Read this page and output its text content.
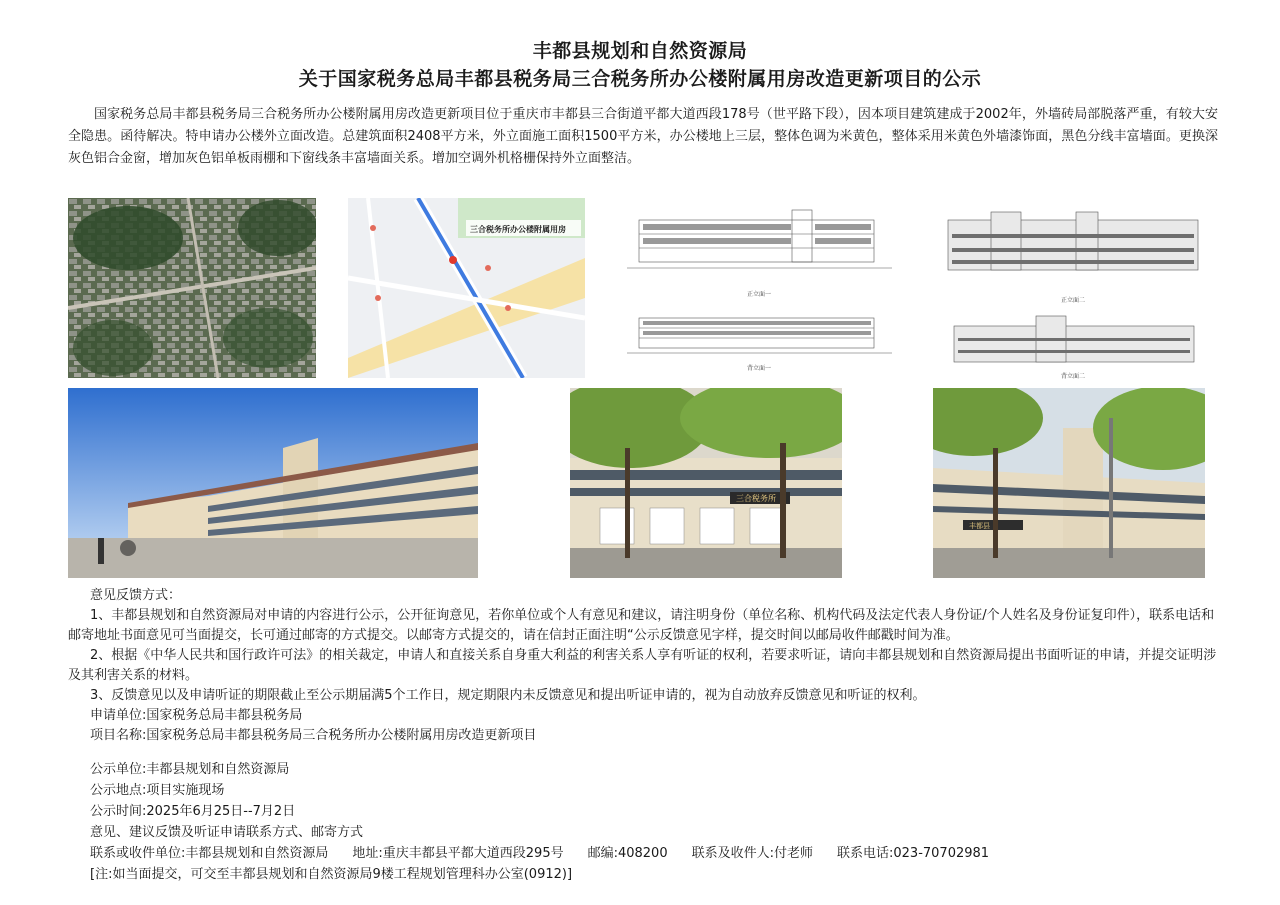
丰都县规划和自然资源局
关于国家税务总局丰都县税务局三合税务所办公楼附属用房改造更新项目的公示
国家税务总局丰都县税务局三合税务所办公楼附属用房改造更新项目位于重庆市丰都县三合街道平都大道西段178号（世平路下段），因本项目建筑建成于2002年，外墙砖局部脱落严重，有较大安全隐患。函待解决。特申请办公楼外立面改造。总建筑面积2408平方米，外立面施工面积1500平方米，办公楼地上三层，整体色调为米黄色，整体采用米黄色外墙漆饰面，黑色分线丰富墙面。更换深灰色铝合金窗，增加灰色铝单板雨棚和下窗线条丰富墙面关系。增加空调外机格栅保持外立面整洁。
三合税务所办公楼附属用房
正立面一
背立面一
正立面二
背立面二
三合税务所
丰都县

意见反馈方式：

1、丰都县规划和自然资源局对申请的内容进行公示，公开征询意见，若你单位或个人有意见和建议，请注明身份（单位名称、机构代码及法定代表人身份证/个人姓名及身份证复印件），联系电话和邮寄地址书面意见可当面提交，长可通过邮寄的方式提交。以邮寄方式提交的，请在信封正面注明“公示反馈意见字样，提交时间以邮局收件邮戳时间为准。

2、根据《中华人民共和国行政许可法》的相关裁定，申请人和直接关系自身重大利益的利害关系人享有听证的权利，若要求听证，请向丰都县规划和自然资源局提出书面听证的申请，并提交证明涉及其利害关系的材料。

3、反馈意见以及申请听证的期限截止至公示期届满5个工作日，规定期限内未反馈意见和提出听证申请的，视为自动放弃反馈意见和听证的权利。

申请单位:国家税务总局丰都县税务局

项目名称:国家税务总局丰都县税务局三合税务所办公楼附属用房改造更新项目

公示单位:丰都县规划和自然资源局

公示地点:项目实施现场

公示时间:2025年6月25日--7月2日

意见、建议反馈及听证申请联系方式、邮寄方式

联系或收件单位:丰都县规划和自然资源局 地址:重庆丰都县平都大道西段295号 邮编:408200 联系及收件人:付老师 联系电话:023-70702981

[注:如当面提交，可交至丰都县规划和自然资源局9楼工程规划管理科办公室(0912)]
